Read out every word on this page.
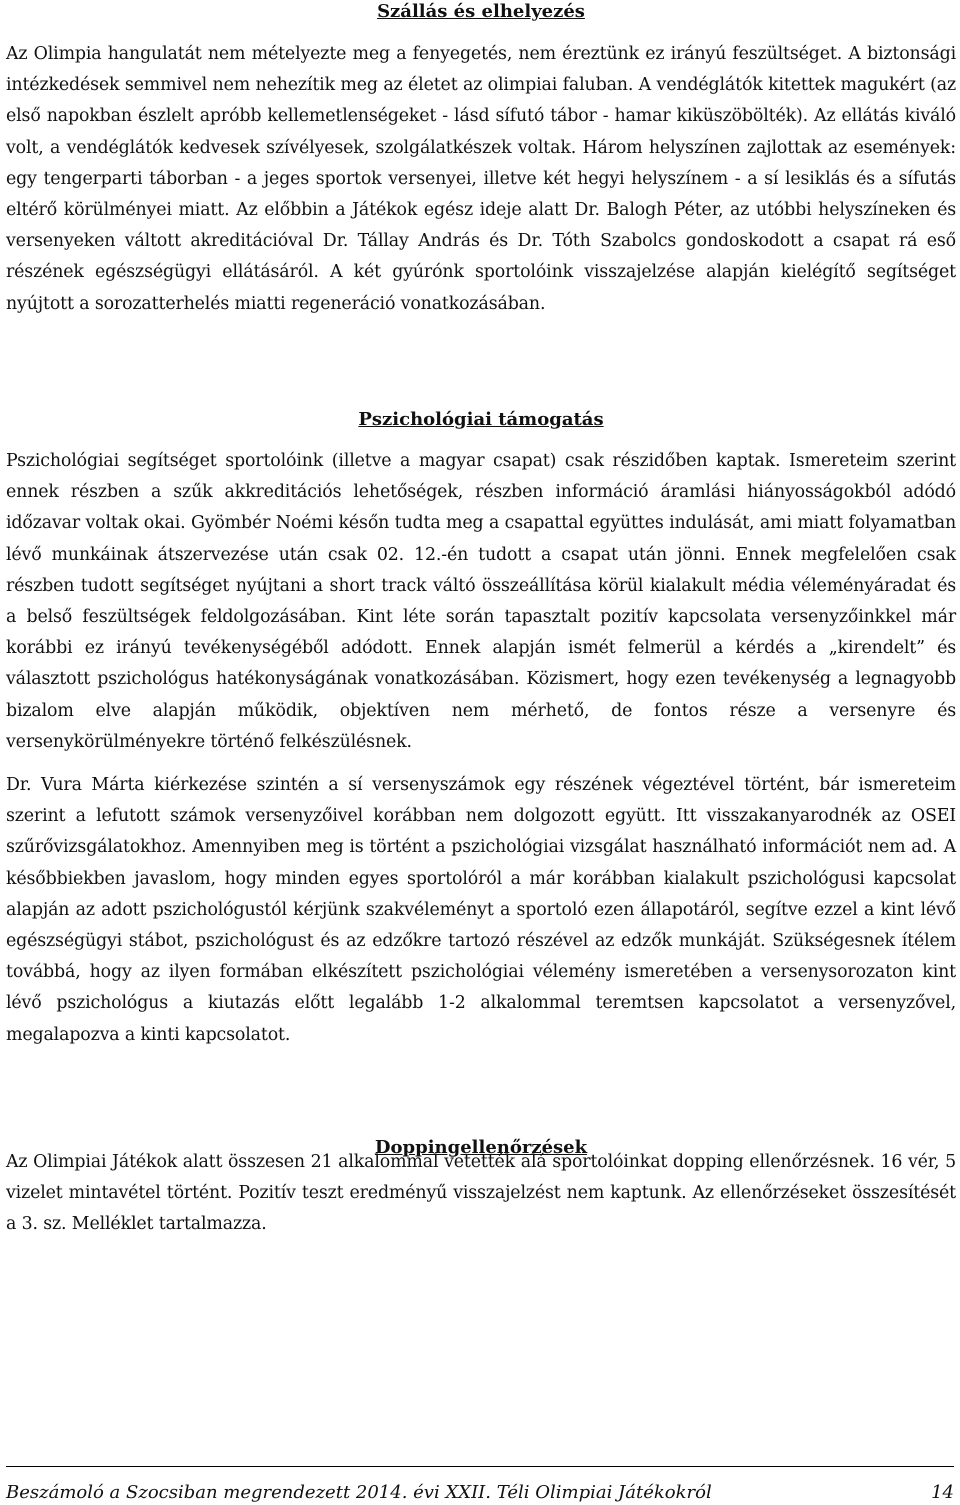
Szállás és elhelyezés

Az Olimpia hangulatát nem mételyezte meg a fenyegetés, nem éreztünk ez irányú feszültséget. A biztonsági intézkedések semmivel nem nehezítik meg az életet az olimpiai faluban. A vendéglátók kitettek magukért (az első napokban észlelt apróbb kellemetlenségeket - lásd sífutó tábor - hamar kiküszöbölték). Az ellátás kiváló volt, a vendéglátók kedvesek szívélyesek, szolgálatkészek voltak. Három helyszínen zajlottak az események: egy tengerparti táborban - a jeges sportok versenyei, illetve két hegyi helyszínem - a sí lesiklás és a sífutás eltérő körülményei miatt. Az előbbin a Játékok egész ideje alatt Dr. Balogh Péter, az utóbbi helyszíneken és versenyeken váltott akreditációval Dr. Tállay András és Dr. Tóth Szabolcs gondoskodott a csapat rá eső részének egészségügyi ellátásáról. A két gyúrónk sportolóink visszajelzése alapján kielégítő segítséget nyújtott a sorozatterhelés miatti regeneráció vonatkozásában.

Pszichológiai támogatás

Pszichológiai segítséget sportolóink (illetve a magyar csapat) csak részidőben kaptak. Ismereteim szerint ennek részben a szűk akkreditációs lehetőségek, részben információ áramlási hiányosságokból adódó időzavar voltak okai. Gyömbér Noémi későn tudta meg a csapattal együttes indulását, ami miatt folyamatban lévő munkáinak átszervezése után csak 02. 12.-én tudott a csapat után jönni. Ennek megfelelően csak részben tudott segítséget nyújtani a short track váltó összeállítása körül kialakult média véleményáradat és a belső feszültségek feldolgozásában. Kint léte során tapasztalt pozitív kapcsolata versenyzőinkkel már korábbi ez irányú tevékenységéből adódott. Ennek alapján ismét felmerül a kérdés a „kirendelt” és választott pszichológus hatékonyságának vonatkozásában. Közismert, hogy ezen tevékenység a legnagyobb bizalom elve alapján működik, objektíven nem mérhető, de fontos része a versenyre és versenykörülményekre történő felkészülésnek.

Dr. Vura Márta kiérkezése szintén a sí versenyszámok egy részének végeztével történt, bár ismereteim szerint a lefutott számok versenyzőivel korábban nem dolgozott együtt. Itt visszakanyarodnék az OSEI szűrővizsgálatokhoz. Amennyiben meg is történt a pszichológiai vizsgálat használható információt nem ad. A későbbiekben javaslom, hogy minden egyes sportolóról a már korábban kialakult pszichológusi kapcsolat alapján az adott pszichológustól kérjünk szakvéleményt a sportoló ezen állapotáról, segítve ezzel a kint lévő egészségügyi stábot, pszichológust és az edzőkre tartozó részével az edzők munkáját. Szükségesnek ítélem továbbá, hogy az ilyen formában elkészített pszichológiai vélemény ismeretében a versenysorozaton kint lévő pszichológus a kiutazás előtt legalább 1-2 alkalommal teremtsen kapcsolatot a versenyzővel, megalapozva a kinti kapcsolatot.

Doppingellenőrzések

Az Olimpiai Játékok alatt összesen 21 alkalommal vetették alá sportolóinkat dopping ellenőrzésnek. 16 vér, 5 vizelet mintavétel történt. Pozitív teszt eredményű visszajelzést nem kaptunk. Az ellenőrzéseket összesítését a 3. sz. Melléklet tartalmazza.

Beszámoló a Szocsiban megrendezett 2014. évi XXII. Téli Olimpiai Játékokról	14
